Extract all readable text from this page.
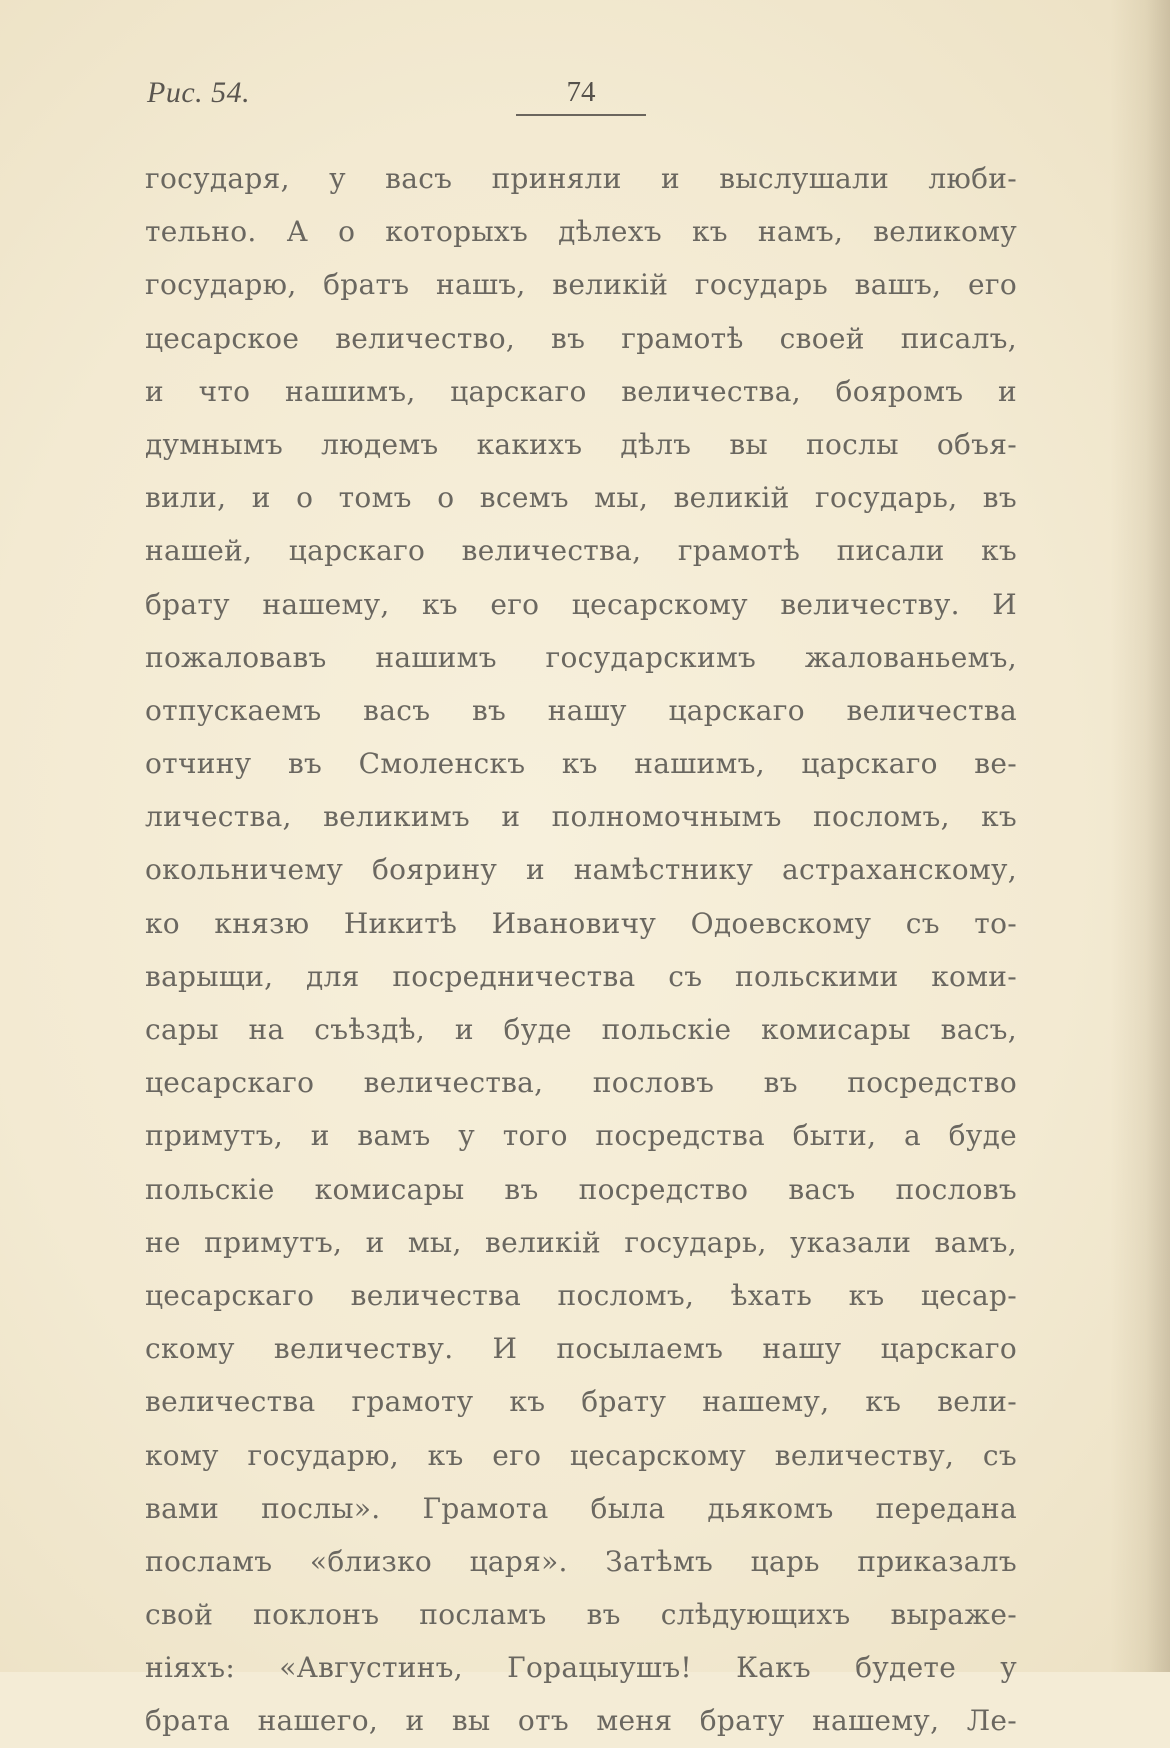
Рис. 54.	74
государя, у васъ приняли и выслушали люби-
тельно. А о которыхъ дѣлехъ къ намъ, великому
государю, братъ нашъ, великій государь вашъ, его
цесарское величество, въ грамотѣ своей писалъ,
и что нашимъ, царскаго величества, бояромъ и
думнымъ людемъ какихъ дѣлъ вы послы объя-
вили, и о томъ о всемъ мы, великій государь, въ
нашей, царскаго величества, грамотѣ писали къ
брату нашему, къ его цесарскому величеству. И
пожаловавъ нашимъ государскимъ жалованьемъ,
отпускаемъ васъ въ нашу царскаго величества
отчину въ Смоленскъ къ нашимъ, царскаго ве-
личества, великимъ и полномочнымъ посломъ, къ
окольничему боярину и намѣстнику астраханскому,
ко князю Никитѣ Ивановичу Одоевскому съ то-
варыщи, для посредничества съ польскими коми-
сары на съѣздѣ, и буде польскіе комисары васъ,
цесарскаго величества, пословъ въ посредство
примутъ, и вамъ у того посредства быти, а буде
польскіе комисары въ посредство васъ пословъ
не примутъ, и мы, великій государь, указали вамъ,
цесарскаго величества посломъ, ѣхать къ цесар-
скому величеству. И посылаемъ нашу царскаго
величества грамоту къ брату нашему, къ вели-
кому государю, къ его цесарскому величеству, съ
вами послы». Грамота была дьякомъ передана
посламъ «близко царя». Затѣмъ царь приказалъ
свой поклонъ посламъ въ слѣдующихъ выраже-
ніяхъ: «Августинъ, Горацыушъ! Какъ будете у
брата нашего, и вы отъ меня брату нашему, Ле-
